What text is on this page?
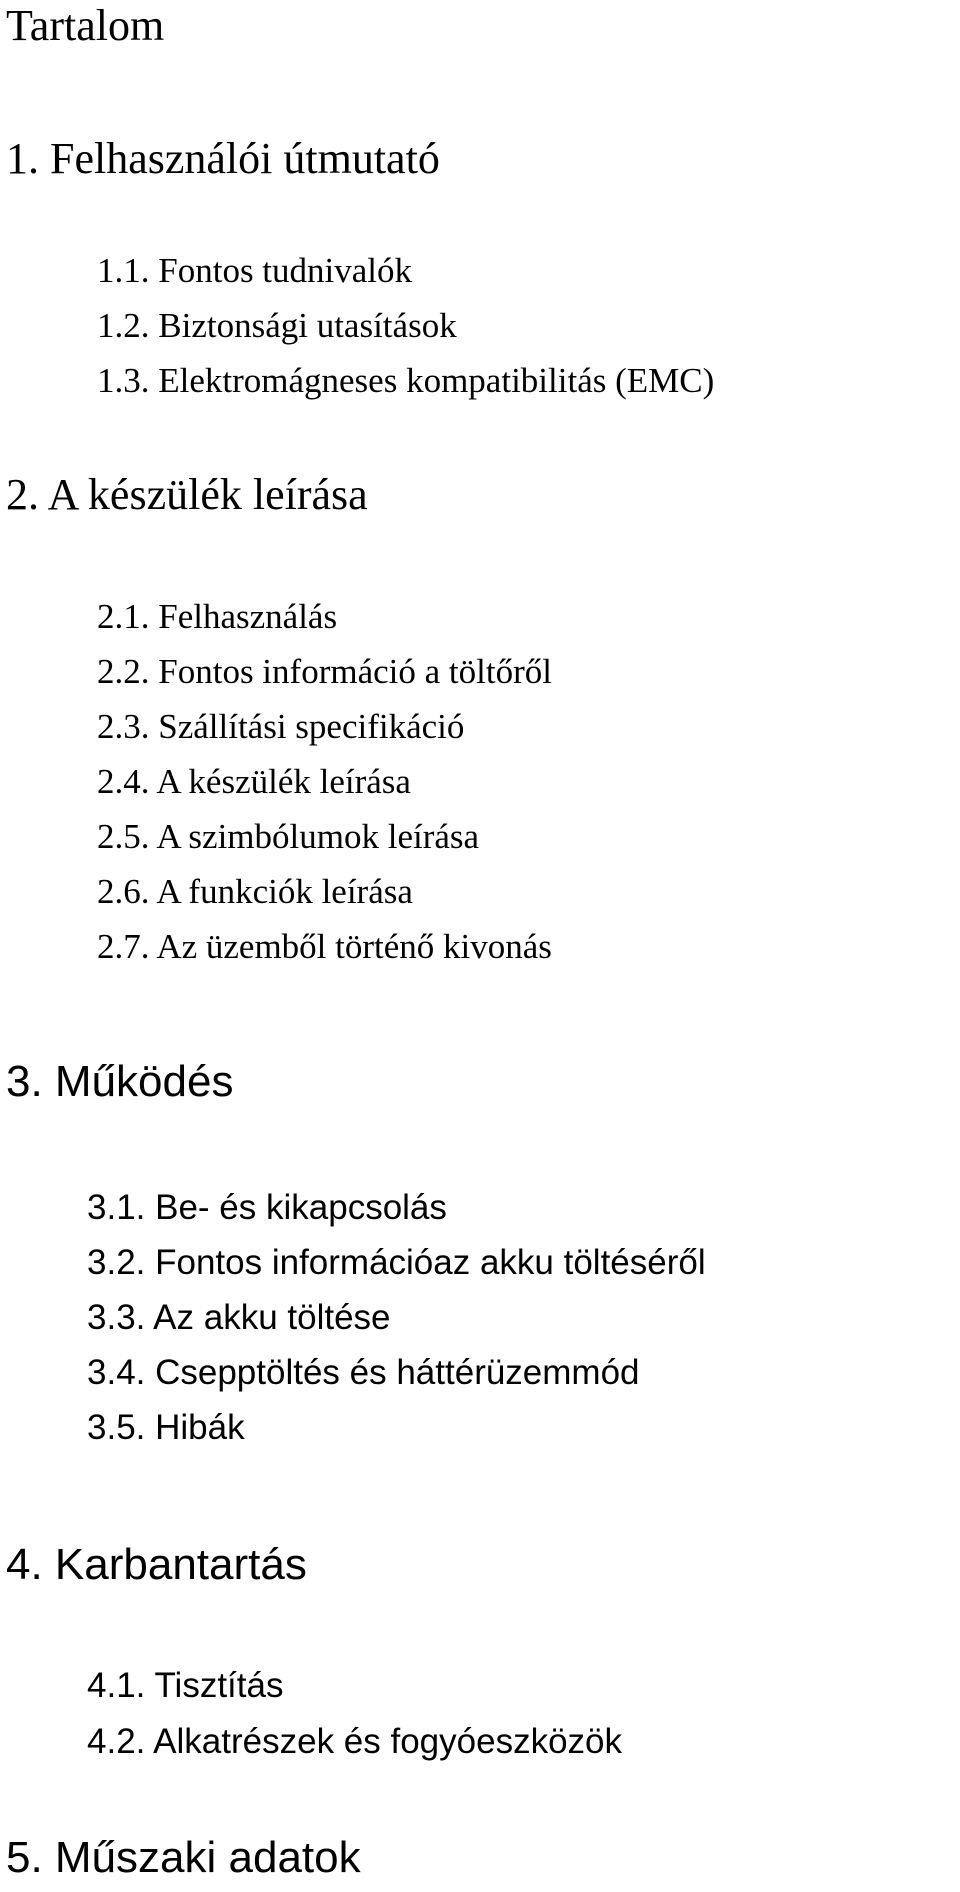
Tartalom
1. Felhasználói útmutató
1.1. Fontos tudnivalók
1.2. Biztonsági utasítások
1.3. Elektromágneses kompatibilitás (EMC)
2. A készülék leírása
2.1. Felhasználás
2.2. Fontos információ a töltőről
2.3. Szállítási specifikáció
2.4. A készülék leírása
2.5. A szimbólumok leírása
2.6. A funkciók leírása
2.7. Az üzemből történő kivonás
3. Működés
3.1. Be- és kikapcsolás
3.2. Fontos információaz akku töltéséről
3.3. Az akku töltése
3.4. Csepptöltés és háttérüzemmód
3.5. Hibák
4. Karbantartás
4.1. Tisztítás
4.2. Alkatrészek és fogyóeszközök
5. Műszaki adatok
